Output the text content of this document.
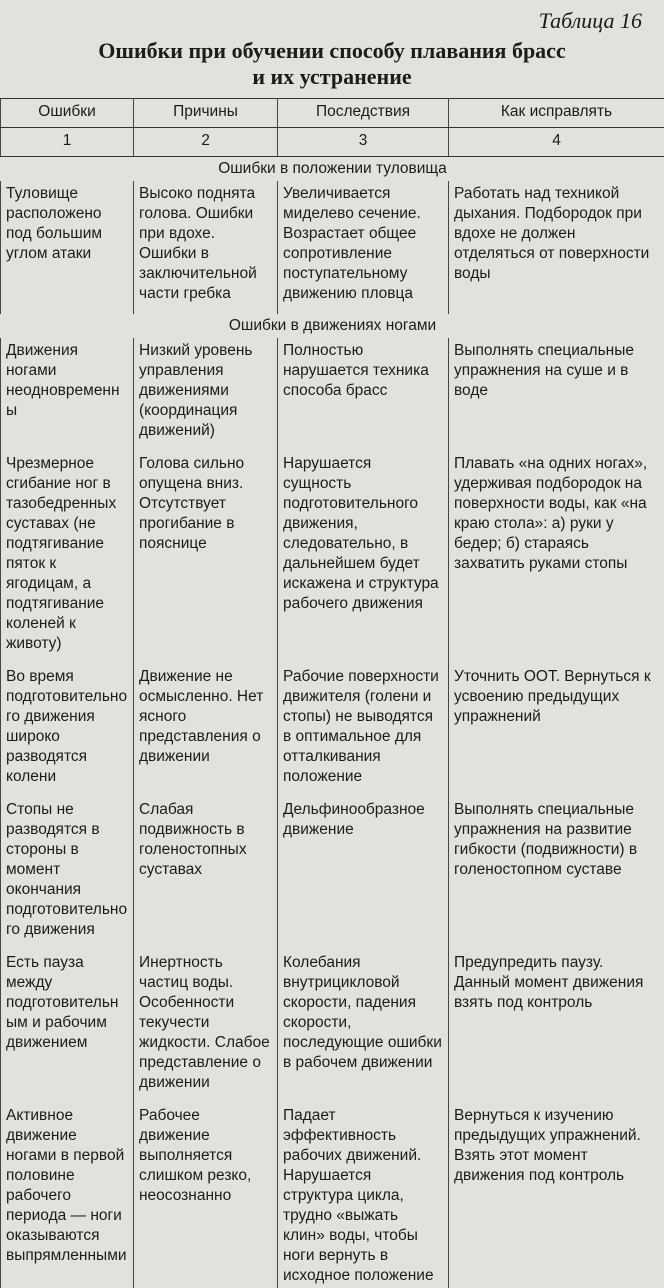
Таблица 16
Ошибки при обучении способу плавания брасс
и их устранение
Ошибки	Причины	Последствия	Как исправлять
1	2	3	4
Ошибки в положении туловища			
Туловище расположено под большим углом атаки	Высоко поднята голова. Ошибки при вдохе. Ошибки в заключительной части гребка	Увеличивается миделево сечение. Возрастает общее сопротивление поступательному движению пловца	Работать над техникой дыхания. Подбородок при вдохе не должен отделяться от поверхности воды
Ошибки в движениях ногами			
Движения ногами неодновременны	Низкий уровень управления движениями (координация движений)	Полностью нарушается техника способа брасс	Выполнять специальные упражнения на суше и в воде
Чрезмерное сгибание ног в тазобедренных суставах (не подтягивание пяток к ягодицам, а подтягивание коленей к животу)	Голова сильно опущена вниз. Отсутствует прогибание в пояснице	Нарушается сущность подготовительного движения, следовательно, в дальнейшем будет искажена и структура рабочего движения	Плавать «на одних ногах», удерживая подбородок на поверхности воды, как «на краю стола»: а) руки у бедер; б) стараясь захватить руками стопы
Во время подготовительного движения широко разводятся колени	Движение не осмысленно. Нет ясного представления о движении	Рабочие поверхности движителя (голени и стопы) не выводятся в оптимальное для отталкивания положение	Уточнить ООТ. Вернуться к усвоению предыдущих упражнений
Стопы не разводятся в стороны в момент окончания подготовительного движения	Слабая подвижность в голеностопных суставах	Дельфинообразное движение	Выполнять специальные упражнения на развитие гибкости (подвижности) в голеностопном суставе
Есть пауза между подготовительным и рабочим движением	Инертность частиц воды. Особенности текучести жидкости. Слабое представление о движении	Колебания внутрицикловой скорости, падения скорости, последующие ошибки в рабочем движении	Предупредить паузу. Данный момент движения взять под контроль
Активное движение ногами в первой половине рабочего периода — ноги оказываются выпрямленными	Рабочее движение выполняется слишком резко, неосознанно	Падает эффективность рабочих движений. Нарушается структура цикла, трудно «выжать клин» воды, чтобы ноги вернуть в исходное положение	Вернуться к изучению предыдущих упражнений. Взять этот момент движения под контроль
